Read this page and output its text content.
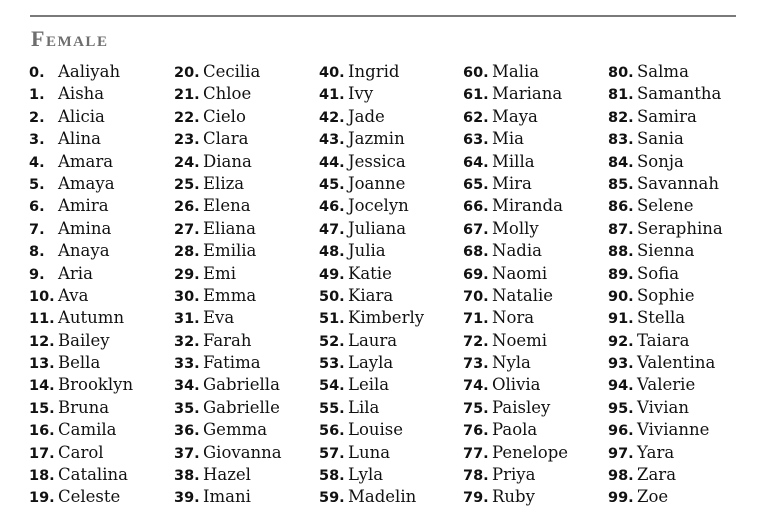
Female
0. Aaliyah
1. Aisha
2. Alicia
3. Alina
4. Amara
5. Amaya
6. Amira
7. Amina
8. Anaya
9. Aria
10. Ava
11. Autumn
12. Bailey
13. Bella
14. Brooklyn
15. Bruna
16. Camila
17. Carol
18. Catalina
19. Celeste
20. Cecilia
21. Chloe
22. Cielo
23. Clara
24. Diana
25. Eliza
26. Elena
27. Eliana
28. Emilia
29. Emi
30. Emma
31. Eva
32. Farah
33. Fatima
34. Gabriella
35. Gabrielle
36. Gemma
37. Giovanna
38. Hazel
39. Imani
40. Ingrid
41. Ivy
42. Jade
43. Jazmin
44. Jessica
45. Joanne
46. Jocelyn
47. Juliana
48. Julia
49. Katie
50. Kiara
51. Kimberly
52. Laura
53. Layla
54. Leila
55. Lila
56. Louise
57. Luna
58. Lyla
59. Madelin
60. Malia
61. Mariana
62. Maya
63. Mia
64. Milla
65. Mira
66. Miranda
67. Molly
68. Nadia
69. Naomi
70. Natalie
71. Nora
72. Noemi
73. Nyla
74. Olivia
75. Paisley
76. Paola
77. Penelope
78. Priya
79. Ruby
80. Salma
81. Samantha
82. Samira
83. Sania
84. Sonja
85. Savannah
86. Selene
87. Seraphina
88. Sienna
89. Sofia
90. Sophie
91. Stella
92. Taiara
93. Valentina
94. Valerie
95. Vivian
96. Vivianne
97. Yara
98. Zara
99. Zoe
